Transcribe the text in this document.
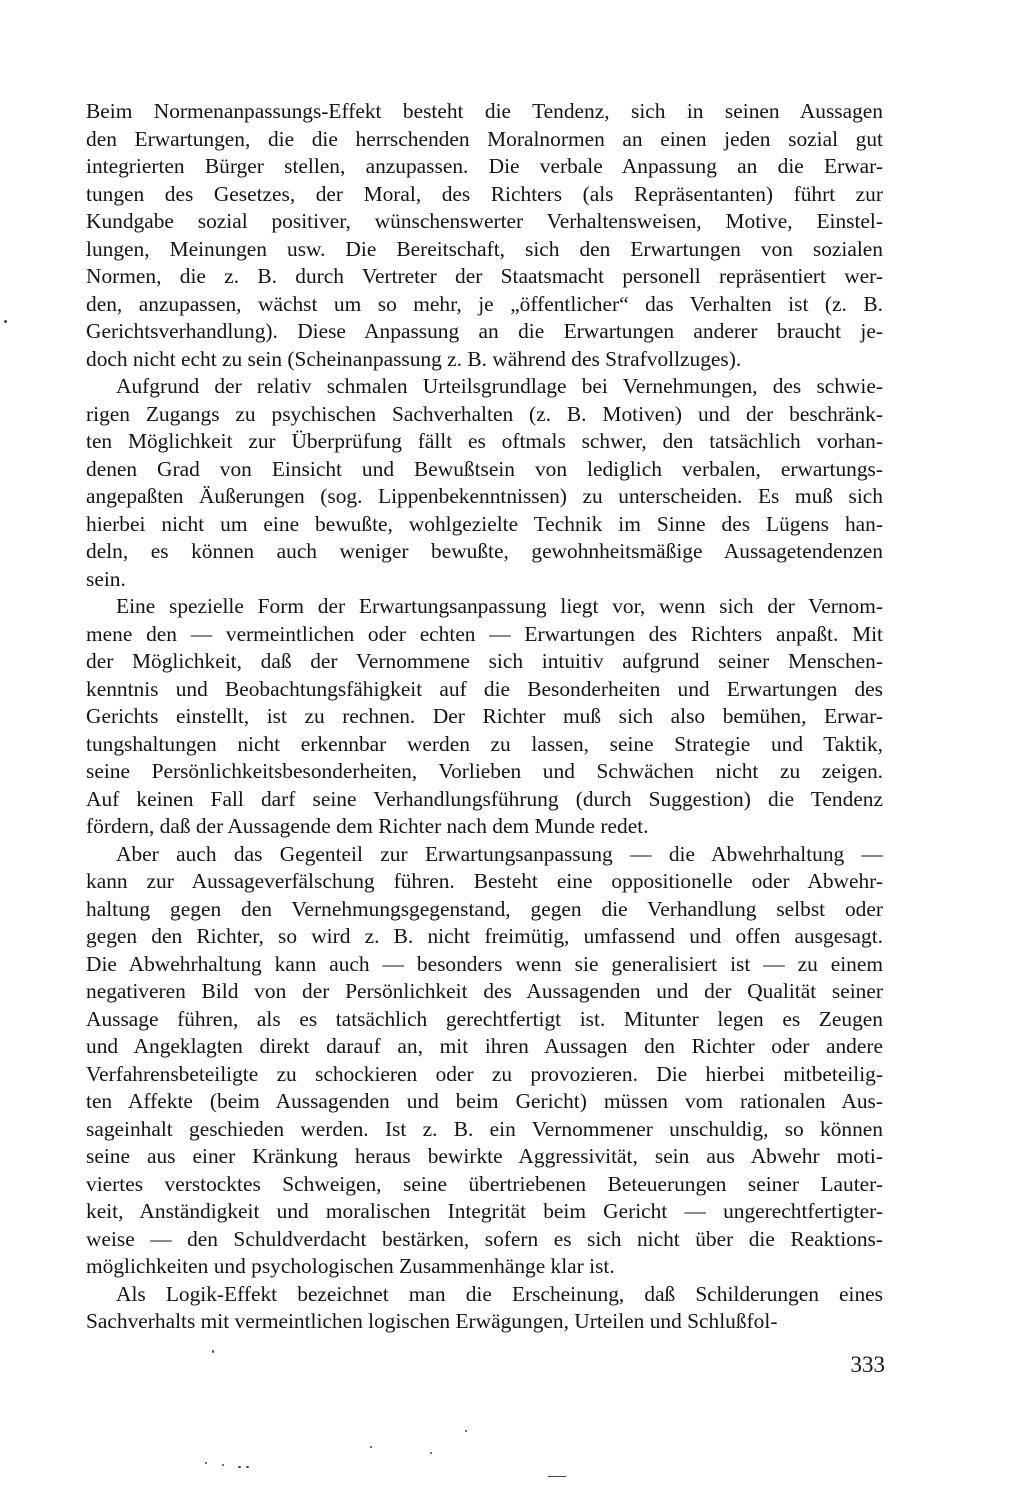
Beim Normenanpassungs-Effekt besteht die Tendenz, sich in seinen Aussagen
den Erwartungen, die die herrschenden Moralnormen an einen jeden sozial gut
integrierten Bürger stellen, anzupassen. Die verbale Anpassung an die Erwar-
tungen des Gesetzes, der Moral, des Richters (als Repräsentanten) führt zur
Kundgabe sozial positiver, wünschenswerter Verhaltensweisen, Motive, Einstel-
lungen, Meinungen usw. Die Bereitschaft, sich den Erwartungen von sozialen
Normen, die z. B. durch Vertreter der Staatsmacht personell repräsentiert wer-
den, anzupassen, wächst um so mehr, je „öffentlicher“ das Verhalten ist (z. B.
Gerichtsverhandlung). Diese Anpassung an die Erwartungen anderer braucht je-
doch nicht echt zu sein (Scheinanpassung z. B. während des Strafvollzuges).
Aufgrund der relativ schmalen Urteilsgrundlage bei Vernehmungen, des schwie-
rigen Zugangs zu psychischen Sachverhalten (z. B. Motiven) und der beschränk-
ten Möglichkeit zur Überprüfung fällt es oftmals schwer, den tatsächlich vorhan-
denen Grad von Einsicht und Bewußtsein von lediglich verbalen, erwartungs-
angepaßten Äußerungen (sog. Lippenbekenntnissen) zu unterscheiden. Es muß sich
hierbei nicht um eine bewußte, wohlgezielte Technik im Sinne des Lügens han-
deln, es können auch weniger bewußte, gewohnheitsmäßige Aussagetendenzen
sein.
Eine spezielle Form der Erwartungsanpassung liegt vor, wenn sich der Vernom-
mene den — vermeintlichen oder echten — Erwartungen des Richters anpaßt. Mit
der Möglichkeit, daß der Vernommene sich intuitiv aufgrund seiner Menschen-
kenntnis und Beobachtungsfähigkeit auf die Besonderheiten und Erwartungen des
Gerichts einstellt, ist zu rechnen. Der Richter muß sich also bemühen, Erwar-
tungshaltungen nicht erkennbar werden zu lassen, seine Strategie und Taktik,
seine Persönlichkeitsbesonderheiten, Vorlieben und Schwächen nicht zu zeigen.
Auf keinen Fall darf seine Verhandlungsführung (durch Suggestion) die Tendenz
fördern, daß der Aussagende dem Richter nach dem Munde redet.
Aber auch das Gegenteil zur Erwartungsanpassung — die Abwehrhaltung —
kann zur Aussageverfälschung führen. Besteht eine oppositionelle oder Abwehr-
haltung gegen den Vernehmungsgegenstand, gegen die Verhandlung selbst oder
gegen den Richter, so wird z. B. nicht freimütig, umfassend und offen ausgesagt.
Die Abwehrhaltung kann auch — besonders wenn sie generalisiert ist — zu einem
negativeren Bild von der Persönlichkeit des Aussagenden und der Qualität seiner
Aussage führen, als es tatsächlich gerechtfertigt ist. Mitunter legen es Zeugen
und Angeklagten direkt darauf an, mit ihren Aussagen den Richter oder andere
Verfahrensbeteiligte zu schockieren oder zu provozieren. Die hierbei mitbeteilig-
ten Affekte (beim Aussagenden und beim Gericht) müssen vom rationalen Aus-
sageinhalt geschieden werden. Ist z. B. ein Vernommener unschuldig, so können
seine aus einer Kränkung heraus bewirkte Aggressivität, sein aus Abwehr moti-
viertes verstocktes Schweigen, seine übertriebenen Beteuerungen seiner Lauter-
keit, Anständigkeit und moralischen Integrität beim Gericht — ungerechtfertigter-
weise — den Schuldverdacht bestärken, sofern es sich nicht über die Reaktions-
möglichkeiten und psychologischen Zusammenhänge klar ist.
Als Logik-Effekt bezeichnet man die Erscheinung, daß Schilderungen eines
Sachverhalts mit vermeintlichen logischen Erwägungen, Urteilen und Schlußfol-
333
